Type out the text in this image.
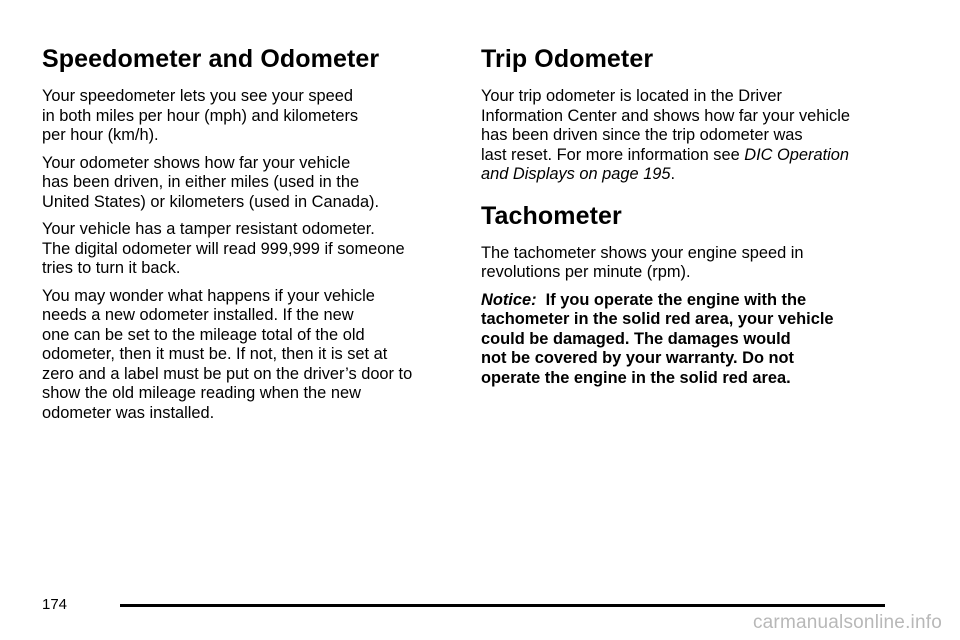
Speedometer and Odometer

Your speedometer lets you see your speed
in both miles per hour (mph) and kilometers
per hour (km/h).

Your odometer shows how far your vehicle
has been driven, in either miles (used in the
United States) or kilometers (used in Canada).

Your vehicle has a tamper resistant odometer.
The digital odometer will read 999,999 if someone
tries to turn it back.

You may wonder what happens if your vehicle
needs a new odometer installed. If the new
one can be set to the mileage total of the old
odometer, then it must be. If not, then it is set at
zero and a label must be put on the driver’s door to
show the old mileage reading when the new
odometer was installed.

Trip Odometer

Your trip odometer is located in the Driver
Information Center and shows how far your vehicle
has been driven since the trip odometer was
last reset. For more information see DIC Operation
and Displays on page 195.

Tachometer

The tachometer shows your engine speed in
revolutions per minute (rpm).

Notice: If you operate the engine with the
tachometer in the solid red area, your vehicle
could be damaged. The damages would
not be covered by your warranty. Do not
operate the engine in the solid red area.

174
carmanualsonline.info
